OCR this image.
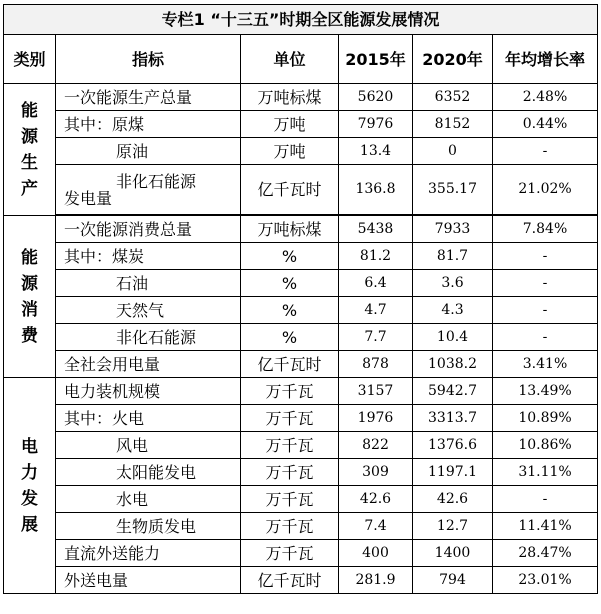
专栏1 “十三五”时期全区能源发展情况					

类别	指标	单位	2015年	2020年	年均增长率

能
源
生
产	一次能源生产总量	万吨标煤	5620	6352	2.48%
	其中：原煤	万吨	7976	8152	0.44%
	原油	万吨	13.4	0	-

	非化石能源
发电量	亿千瓦时	136.8	355.17	21.02%

能
源
消
费	一次能源消费总量	万吨标煤	5438	7933	7.84%
	其中：煤炭	%	81.2	81.7	-
	石油	%	6.4	3.6	-
	天然气	%	4.7	4.3	-
	非化石能源	%	7.7	10.4	-
	全社会用电量	亿千瓦时	878	1038.2	3.41%

电
力
发
展	电力装机规模	万千瓦	3157	5942.7	13.49%
	其中：火电	万千瓦	1976	3313.7	10.89%
	风电	万千瓦	822	1376.6	10.86%
	太阳能发电	万千瓦	309	1197.1	31.11%
	水电	万千瓦	42.6	42.6	-
	生物质发电	万千瓦	7.4	12.7	11.41%
	直流外送能力	万千瓦	400	1400	28.47%
	外送电量	亿千瓦时	281.9	794	23.01%
